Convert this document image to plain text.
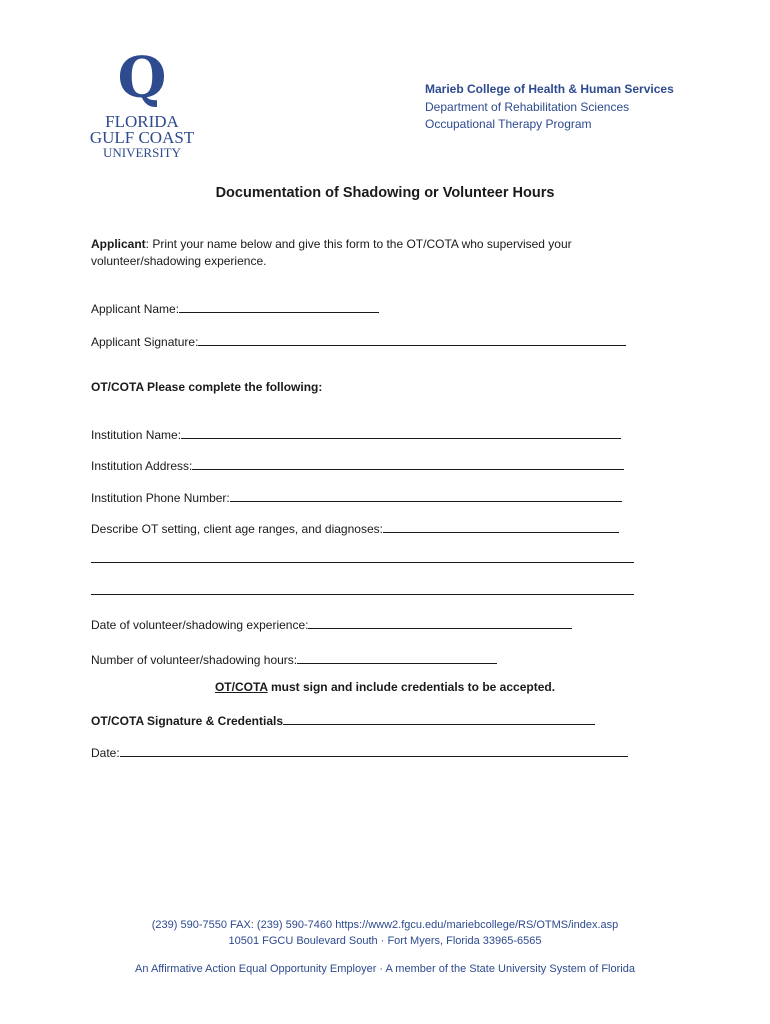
Q
FLORIDA
GULF COAST
UNIVERSITY
Marieb College of Health & Human Services
Department of Rehabilitation Sciences
Occupational Therapy Program
Documentation of Shadowing or Volunteer Hours
Applicant: Print your name below and give this form to the OT/COTA who supervised your volunteer/shadowing experience.
Applicant Name:
Applicant Signature:
OT/COTA Please complete the following:
Institution Name:
Institution Address:
Institution Phone Number:
Describe OT setting, client age ranges, and diagnoses:
Date of volunteer/shadowing experience:
Number of volunteer/shadowing hours:
OT/COTA must sign and include credentials to be accepted.
OT/COTA Signature & Credentials
Date:
(239) 590-7550 FAX: (239) 590-7460 https://www2.fgcu.edu/mariebcollege/RS/OTMS/index.asp
10501 FGCU Boulevard South · Fort Myers, Florida 33965-6565
An Affirmative Action Equal Opportunity Employer · A member of the State University System of Florida
